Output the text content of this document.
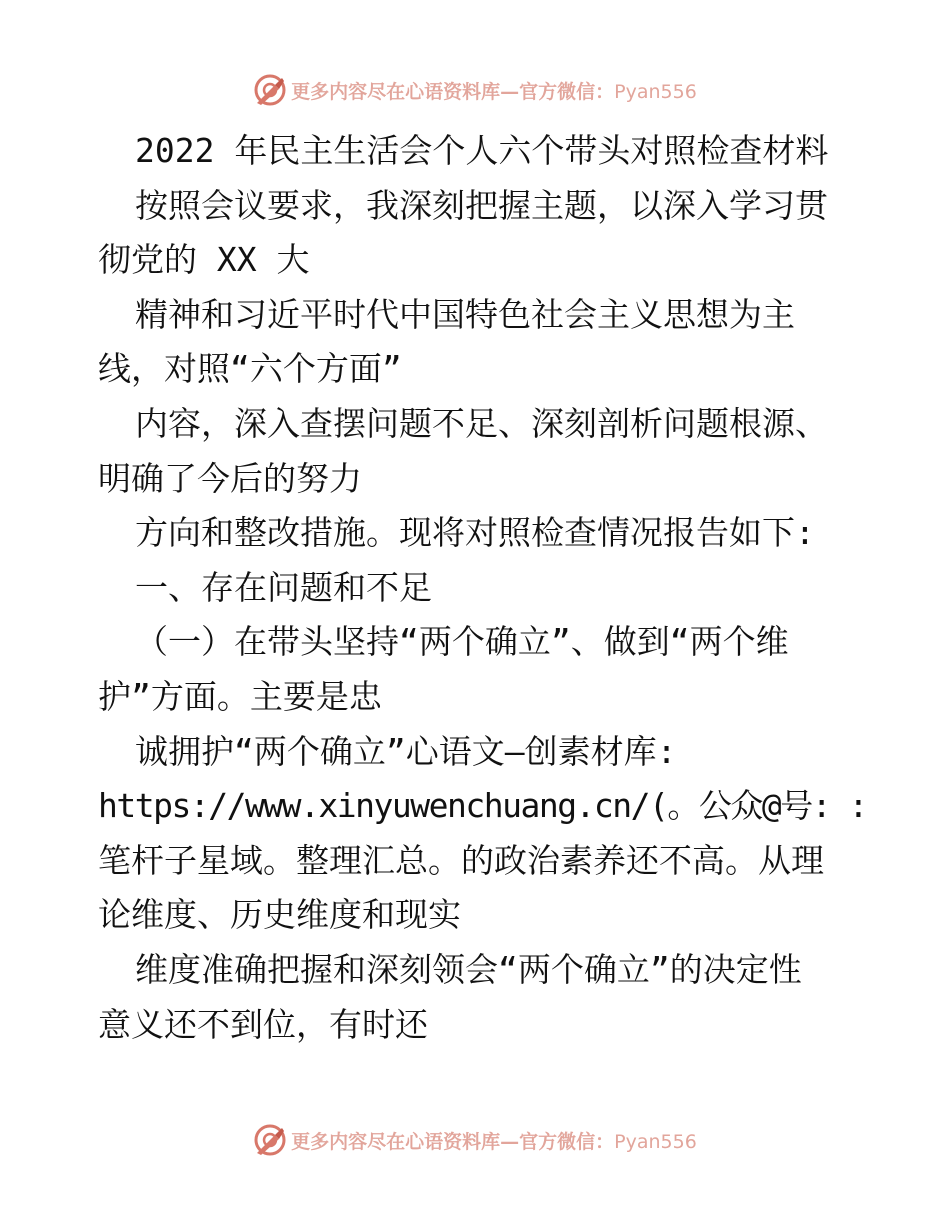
更多内容尽在心语资料库—官方微信：Pyan556
2022 年民主生活会个人六个带头对照检查材料
按照会议要求，我深刻把握主题，以深入学习贯
彻党的 XX 大
精神和习近平时代中国特色社会主义思想为主
线，对照“六个方面”
内容，深入查摆问题不足、深刻剖析问题根源、
明确了今后的努力
方向和整改措施。现将对照检查情况报告如下:
一、存在问题和不足
（一）在带头坚持“两个确立”、做到“两个维
护”方面。主要是忠
诚拥护“两个确立”心语文—创素材库:
https://www.xinyuwenchuang.cn/(。公众@号: :
笔杆子星域。整理汇总。的政治素养还不高。从理
论维度、历史维度和现实
维度准确把握和深刻领会“两个确立”的决定性
意义还不到位，有时还
更多内容尽在心语资料库—官方微信：Pyan556
